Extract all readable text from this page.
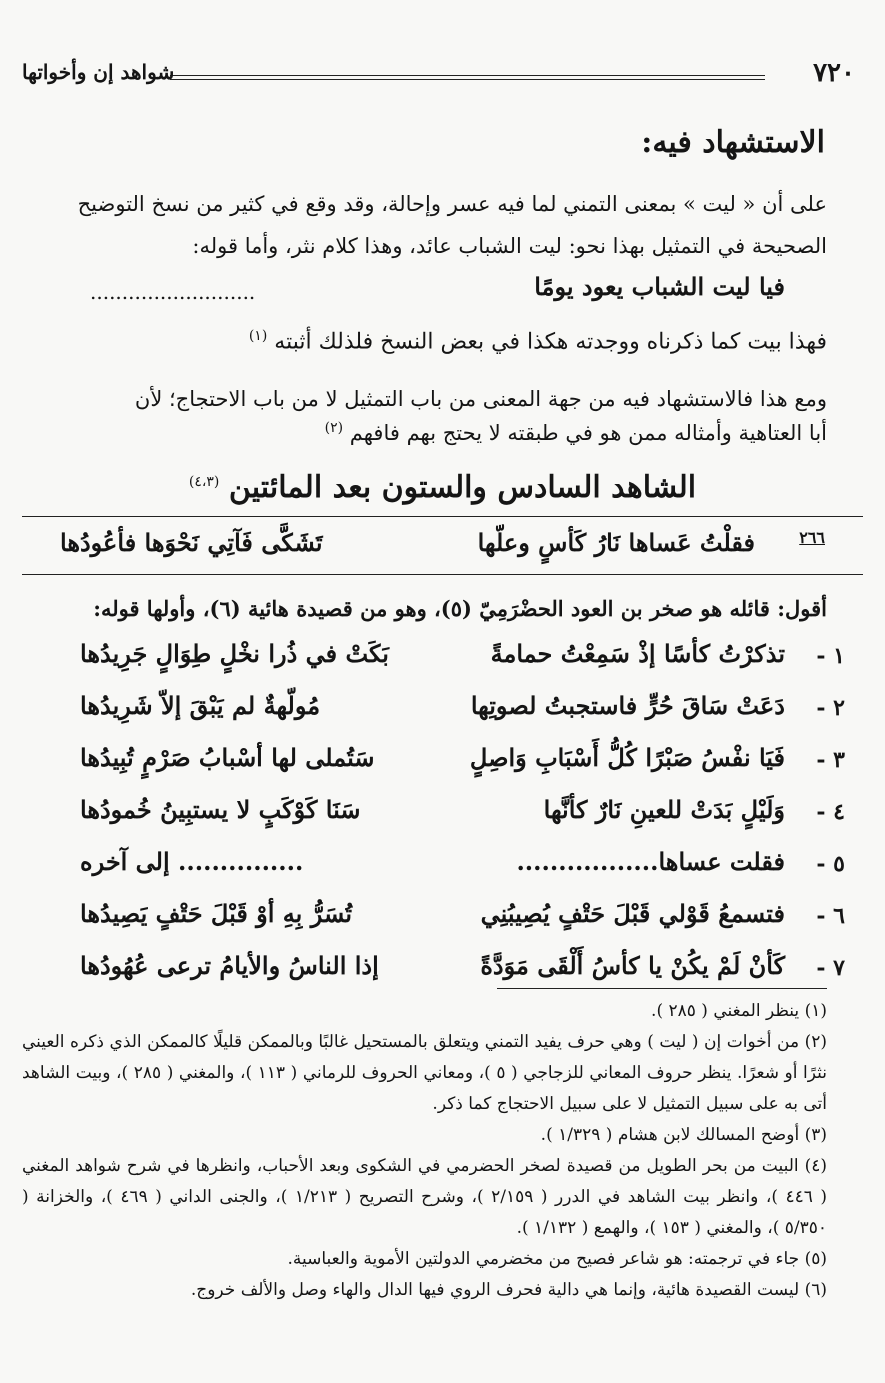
٧٢٠
شواهد إن وأخواتها
الاستشهاد فيه:
على أن « ليت » بمعنى التمني لما فيه عسر وإحالة، وقد وقع في كثير من نسخ التوضيح
الصحيحة في التمثيل بهذا نحو: ليت الشباب عائد، وهذا كلام نثر، وأما قوله:
فيا ليت الشباب يعود يومًا
..........................
فهذا بيت كما ذكرناه ووجدته هكذا في بعض النسخ فلذلك أثبته $^{(١)}$
ومع هذا فالاستشهاد فيه من جهة المعنى من باب التمثيل لا من باب الاحتجاج؛ لأن
أبا العتاهية وأمثاله ممن هو في طبقته لا يحتج بهم فافهم $^{(٢)}$
الشاهد السادس والستون بعد المائتين $^{(٤،٣)}$
٢٦٦
فقلْتُ عَساها نَارُ كَأسٍ وعلّها
تَشَكَّى فَآتِي نَحْوَها فأعُودُها
أقول: قائله هو صخر بن العود الحضْرَمِيّ (٥)، وهو من قصيدة هائية (٦)، وأولها قوله:
١ -
تذكرْتُ كأسًا إذْ سَمِعْتُ حمامةً
بَكَتْ في ذُرا نخْلٍ طِوَالٍ جَرِيدُها
٢ -
دَعَتْ سَاقَ حُرٍّ فاستجبتُ لصوتِها
مُولّهةٌ لم يَبْقَ إلاّ شَرِيدُها
٣ -
فَيَا نفْسُ صَبْرًا كُلُّ أَسْبَابِ وَاصِلٍ
سَتُملى لها أسْبابُ صَرْمٍ تُبِيدُها
٤ -
وَلَيْلٍ بَدَتْ للعينِ نَارٌ كأنَّها
سَنَا كَوْكَبٍ لا يستبِينُ خُمودُها
٥ -
فقلت عساها.................
............... إلى آخره
٦ -
فتسمعُ قَوْلي قَبْلَ حَتْفٍ يُصِيبُنِي
تُسَرُّ بِهِ أوْ قَبْلَ حَتْفٍ يَصِيدُها
٧ -
كَأنْ لَمْ يكُنْ يا كأسُ أَلْقَى مَوَدَّةً
إذا الناسُ والأيامُ ترعى عُهُودُها

(١) ينظر المغني ( ٢٨٥ ).

(٢) من أخوات إن ( ليت ) وهي حرف يفيد التمني ويتعلق بالمستحيل غالبًا وبالممكن قليلًا كالممكن الذي ذكره العيني نثرًا أو شعرًا. ينظر حروف المعاني للزجاجي ( ٥ )، ومعاني الحروف للرماني ( ١١٣ )، والمغني ( ٢٨٥ )، وبيت الشاهد أتى به على سبيل التمثيل لا على سبيل الاحتجاج كما ذكر.

(٣) أوضح المسالك لابن هشام ( ١/٣٢٩ ).

(٤) البيت من بحر الطويل من قصيدة لصخر الحضرمي في الشكوى وبعد الأحباب، وانظرها في شرح شواهد المغني ( ٤٤٦ )، وانظر بيت الشاهد في الدرر ( ٢/١٥٩ )، وشرح التصريح ( ١/٢١٣ )، والجنى الداني ( ٤٦٩ )، والخزانة ( ٥/٣٥٠ )، والمغني ( ١٥٣ )، والهمع ( ١/١٣٢ ).

(٥) جاء في ترجمته: هو شاعر فصيح من مخضرمي الدولتين الأموية والعباسية.

(٦) ليست القصيدة هائية، وإنما هي دالية فحرف الروي فيها الدال والهاء وصل والألف خروج.
